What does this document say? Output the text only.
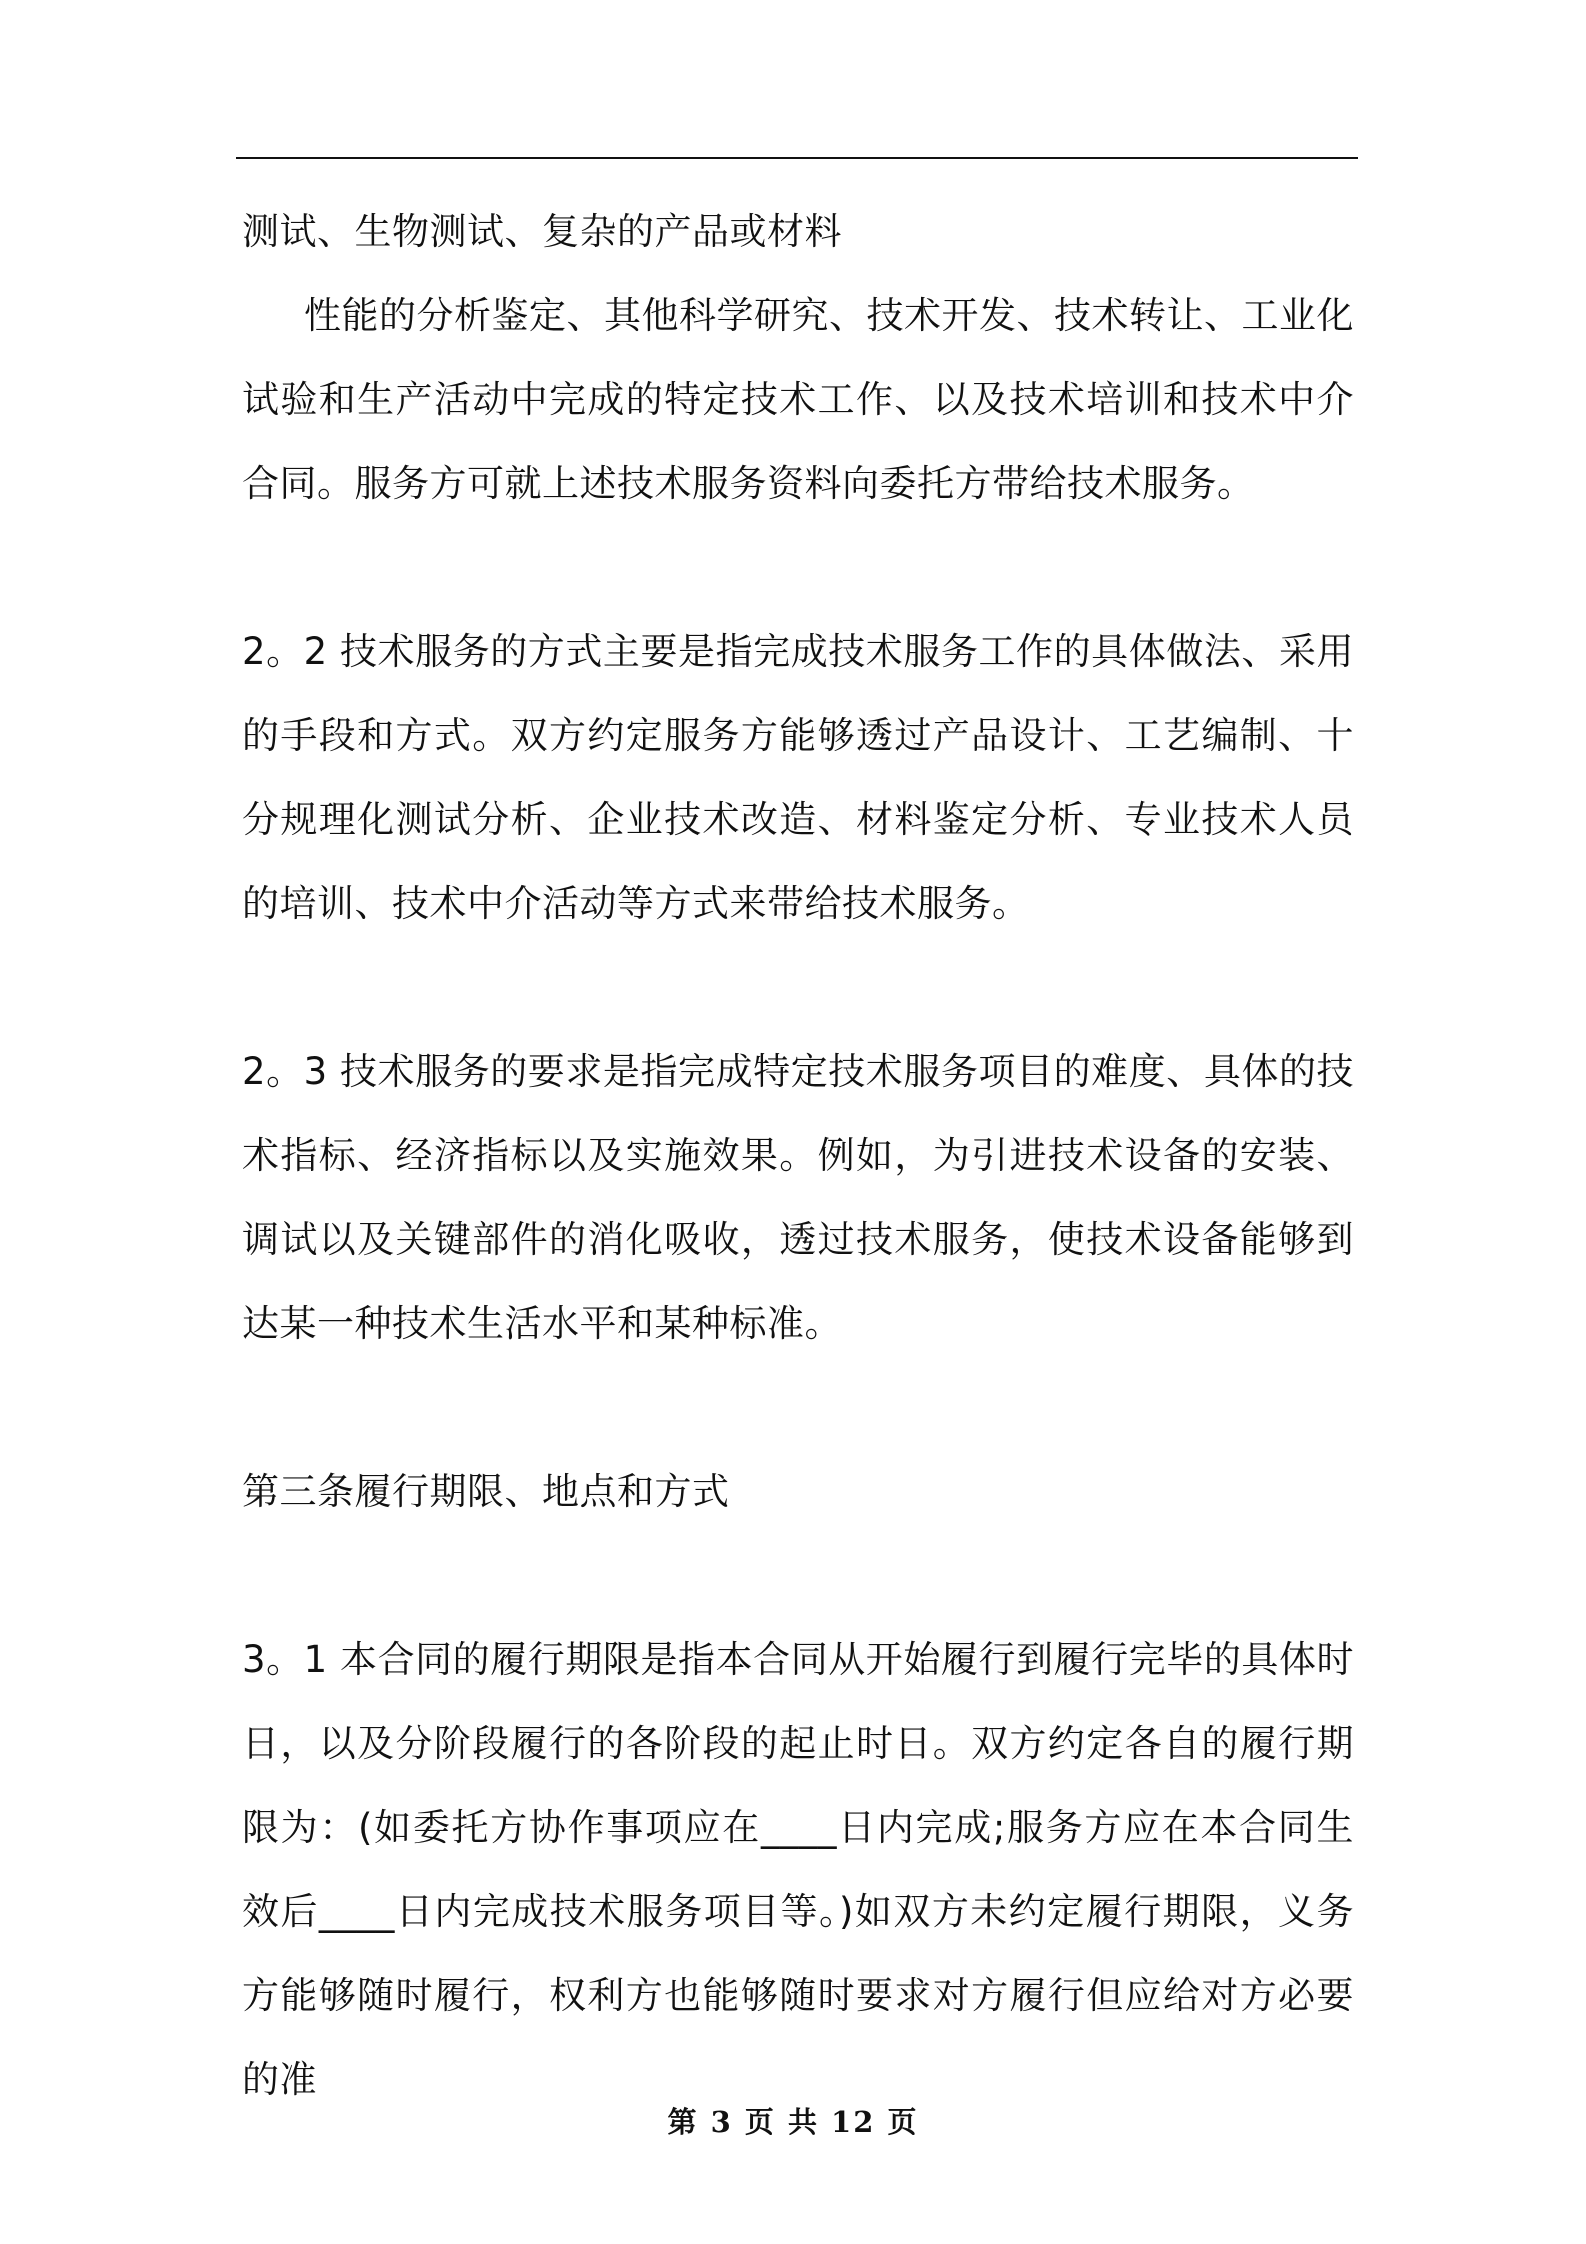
测试、生物测试、复杂的产品或材料

性能的分析鉴定、其他科学研究、技术开发、技术转让、工业化试验和生产活动中完成的特定技术工作、以及技术培训和技术中介合同。服务方可就上述技术服务资料向委托方带给技术服务。

2。2 技术服务的方式主要是指完成技术服务工作的具体做法、采用的手段和方式。双方约定服务方能够透过产品设计、工艺编制、十分规理化测试分析、企业技术改造、材料鉴定分析、专业技术人员的培训、技术中介活动等方式来带给技术服务。

2。3 技术服务的要求是指完成特定技术服务项目的难度、具体的技术指标、经济指标以及实施效果。例如，为引进技术设备的安装、调试以及关键部件的消化吸收，透过技术服务，使技术设备能够到达某一种技术生活水平和某种标准。

第三条履行期限、地点和方式

3。1 本合同的履行期限是指本合同从开始履行到履行完毕的具体时日，以及分阶段履行的各阶段的起止时日。双方约定各自的履行期限为：(如委托方协作事项应在____日内完成;服务方应在本合同生效后____日内完成技术服务项目等。)如双方未约定履行期限，义务方能够随时履行，权利方也能够随时要求对方履行但应给对方必要的准

第 3 页 共 12 页
